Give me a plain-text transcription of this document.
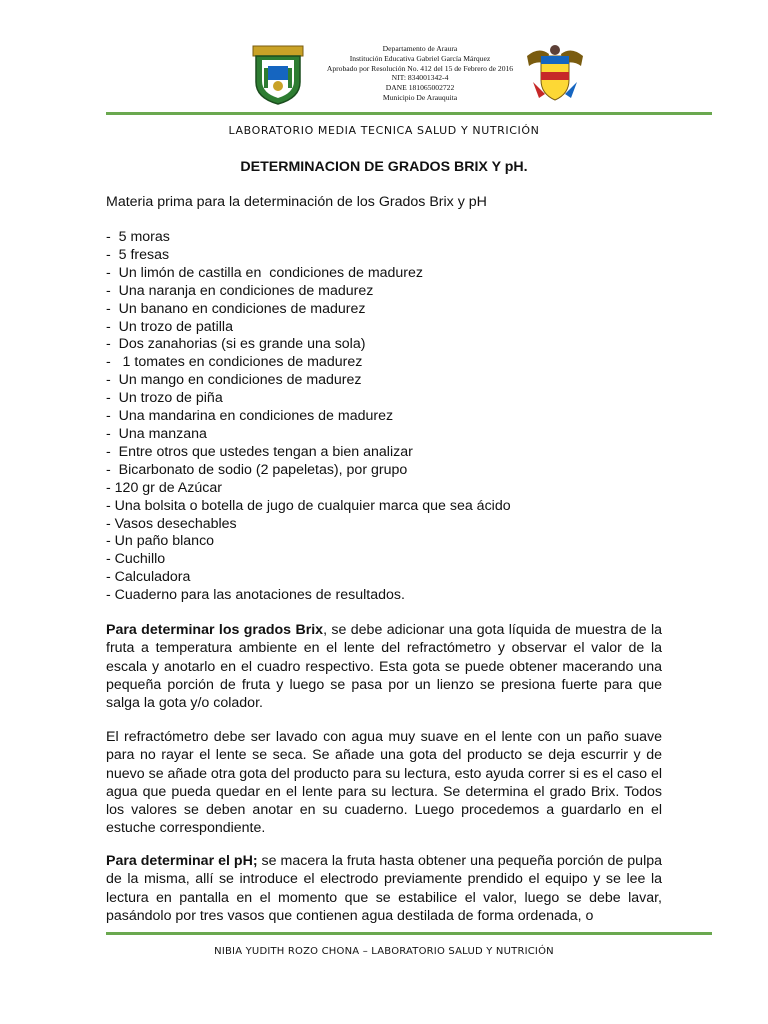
Departamento de Araura
Institución Educativa Gabriel García Márquez
Aprobado por Resolución No. 412 del 15 de Febrero de 2016
NIT: 834001342-4
DANE 181065002722
Municipio De Arauquita
LABORATORIO MEDIA TECNICA SALUD Y NUTRICIÓN
DETERMINACION DE GRADOS BRIX Y pH.
Materia prima para la determinación de los Grados Brix y pH
-  5 moras
-  5 fresas
-  Un limón de castilla en  condiciones de madurez
-  Una naranja en condiciones de madurez
-  Un banano en condiciones de madurez
-  Un trozo de patilla
-  Dos zanahorias (si es grande una sola)
-   1 tomates en condiciones de madurez
-  Un mango en condiciones de madurez
-  Un trozo de piña
-  Una mandarina en condiciones de madurez
-  Una manzana
-  Entre otros que ustedes tengan a bien analizar
-  Bicarbonato de sodio (2 papeletas), por grupo
- 120 gr de Azúcar
- Una bolsita o botella de jugo de cualquier marca que sea ácido
- Vasos desechables
- Un paño blanco
- Cuchillo
- Calculadora
- Cuaderno para las anotaciones de resultados.

Para determinar los grados Brix, se debe adicionar una gota líquida de muestra de la fruta a temperatura ambiente en el lente del refractómetro y observar el valor de la escala y anotarlo en el cuadro respectivo. Esta gota se puede obtener macerando una pequeña porción de fruta y luego se pasa por un lienzo se presiona fuerte para que salga la gota y/o colador.

El refractómetro debe ser lavado con agua muy suave en el lente con un paño suave para no rayar el lente se seca. Se añade una gota del producto se deja escurrir y de nuevo se añade otra gota del producto para su lectura, esto ayuda correr si es el caso el agua que pueda quedar en el lente para su lectura. Se determina el grado Brix. Todos los valores se deben anotar en su cuaderno. Luego procedemos a guardarlo en el estuche correspondiente.

Para determinar el pH; se macera la fruta hasta obtener una pequeña porción de pulpa de la misma, allí se introduce el electrodo previamente prendido el equipo y se lee la lectura en pantalla en el momento que se estabilice el valor, luego se debe lavar, pasándolo por tres vasos que contienen agua destilada de forma ordenada, o

NIBIA YUDITH ROZO CHONA – LABORATORIO SALUD Y NUTRICIÓN
